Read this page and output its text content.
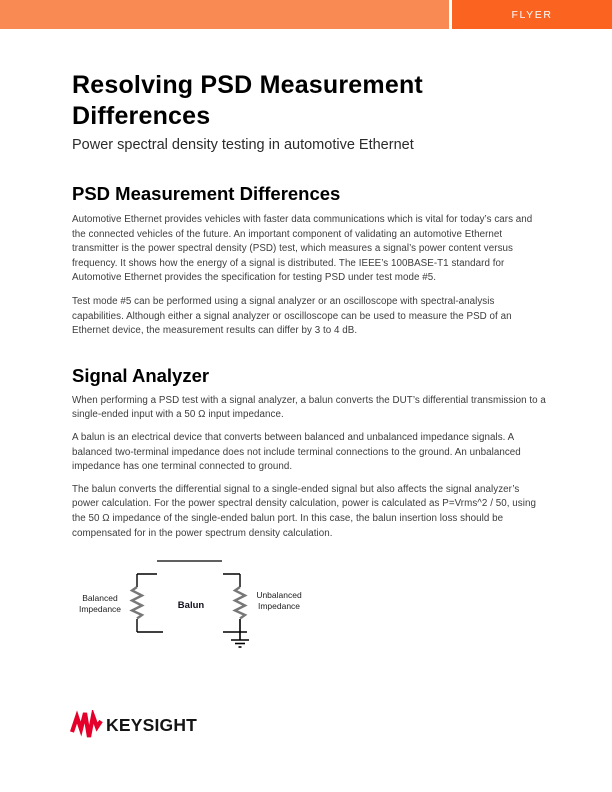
FLYER
Resolving PSD Measurement Differences
Power spectral density testing in automotive Ethernet
PSD Measurement Differences

Automotive Ethernet provides vehicles with faster data communications which is vital for today’s cars and the connected vehicles of the future. An important component of validating an automotive Ethernet transmitter is the power spectral density (PSD) test, which measures a signal’s power content versus frequency. It shows how the energy of a signal is distributed. The IEEE’s 100BASE-T1 standard for Automotive Ethernet provides the specification for testing PSD under test mode #5.

Test mode #5 can be performed using a signal analyzer or an oscilloscope with spectral-analysis capabilities. Although either a signal analyzer or oscilloscope can be used to measure the PSD of an Ethernet device, the measurement results can differ by 3 to 4 dB.

Signal Analyzer

When performing a PSD test with a signal analyzer, a balun converts the DUT’s differential transmission to a single-ended input with a 50 Ω input impedance.

A balun is an electrical device that converts between balanced and unbalanced impedance signals. A balanced two-terminal impedance does not include terminal connections to the ground. An unbalanced impedance has one terminal connected to ground.

The balun converts the differential signal to a single-ended signal but also affects the signal analyzer’s power calculation. For the power spectral density calculation, power is calculated as P=Vrms^2 / 50, using the 50 Ω impedance of the single-ended balun port. In this case, the balun insertion loss should be compensated for in the power spectrum density calculation.

Balanced
Impedance	Balun
Unbalanced
Impedance
KEYSIGHT
